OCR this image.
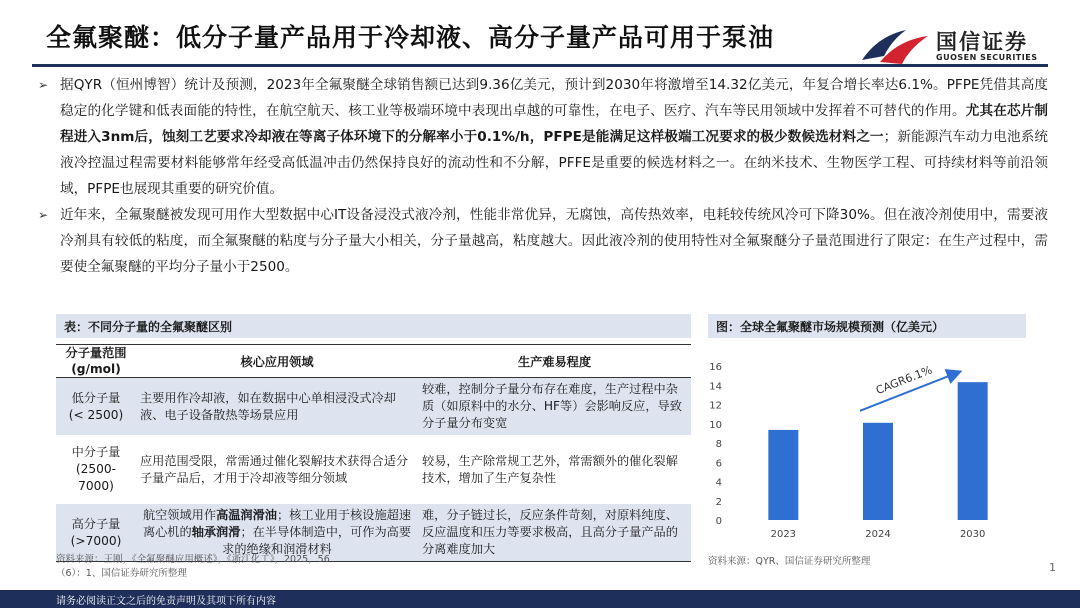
全氟聚醚：低分子量产品用于冷却液、高分子量产品可用于泵油	国信证券
GUOSEN SECURITIES
➢ 据QYR（恒州博智）统计及预测，2023年全氟聚醚全球销售额已达到9.36亿美元，预计到2030年将激增至14.32亿美元，年复合增长率达6.1%。PFPE凭借其高度稳定的化学键和低表面能的特性，在航空航天、核工业等极端环境中表现出卓越的可靠性，在电子、医疗、汽车等民用领域中发挥着不可替代的作用。尤其在芯片制程进入3nm后，蚀刻工艺要求冷却液在等离子体环境下的分解率小于0.1%/h，PFPE是能满足这样极端工况要求的极少数候选材料之一；新能源汽车动力电池系统液冷控温过程需要材料能够常年经受高低温冲击仍然保持良好的流动性和不分解，PFFE是重要的候选材料之一。在纳米技术、生物医学工程、可持续材料等前沿领域，PFPE也展现其重要的研究价值。
➢ 近年来，全氟聚醚被发现可用作大型数据中心IT设备浸没式液冷剂，性能非常优异，无腐蚀，高传热效率，电耗较传统风冷可下降30%。但在液冷剂使用中，需要液冷剂具有较低的粘度，而全氟聚醚的粘度与分子量大小相关，分子量越高，粘度越大。因此液冷剂的使用特性对全氟聚醚分子量范围进行了限定：在生产过程中，需要使全氟聚醚的平均分子量小于2500。
表：不同分子量的全氟聚醚区别
分子量范围
(g/mol)	核心应用领域	生产难易程度
低分子量
(< 2500)	主要用作冷却液，如在数据中心单相浸没式冷却液、电子设备散热等场景应用	较难，控制分子量分布存在难度，生产过程中杂质（如原料中的水分、HF等）会影响反应，导致分子量分布变宽

中分子量
(2500-7000)	应用范围受限，常需通过催化裂解技术获得合适分子量产品后，才用于冷却液等细分领域	较易，生产除常规工艺外，常需额外的催化裂解技术，增加了生产复杂性

高分子量
(>7000)	航空领域用作高温润滑油；核工业用于核设施超速离心机的轴承润滑；在半导体制造中，可作为高要求的绝缘和润滑材料	难，分子链过长，反应条件苛刻，对原料纯度、反应温度和压力等要求极高，且高分子量产品的分离难度加大
资料来源：王刚，《全氟聚醚应用概述》，《浙江化工》，2025，56
（6）：1、国信证券研究所整理
图：全球全氟聚醚市场规模预测（亿美元）
0
2
4
6
8
10
12
14
16
2023	2024	2030
CAGR6.1%
资料来源：QYR、国信证券研究所整理	1
请务必阅读正文之后的免责声明及其项下所有内容
